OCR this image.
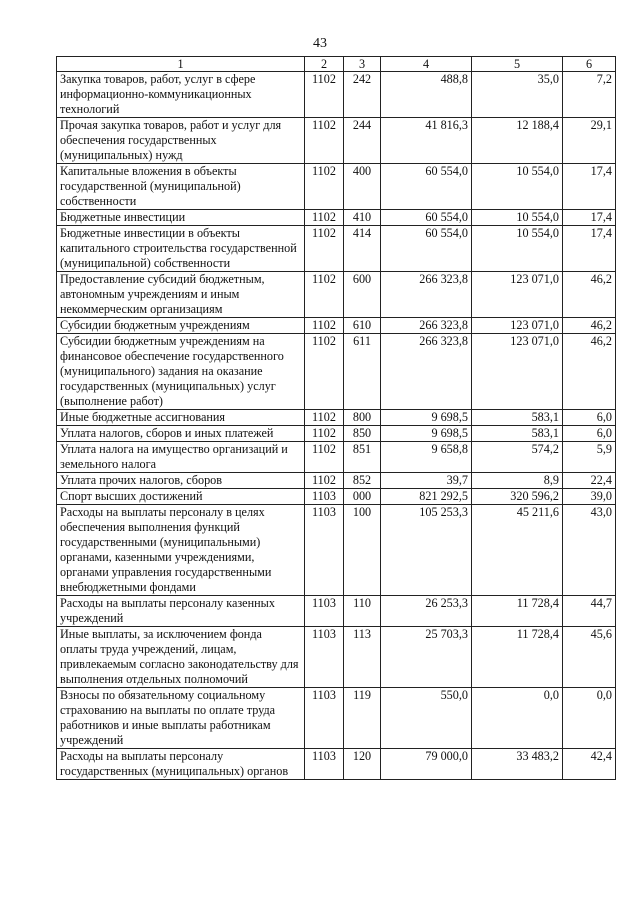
43
1	2	3	4	5	6
Закупка товаров, работ, услуг в сфере информационно-коммуникационных технологий	1102	242	488,8	35,0	7,2
Прочая закупка товаров, работ и услуг для обеспечения государственных (муниципальных) нужд	1102	244	41 816,3	12 188,4	29,1
Капитальные вложения в объекты государственной (муниципальной) собственности	1102	400	60 554,0	10 554,0	17,4
Бюджетные инвестиции	1102	410	60 554,0	10 554,0	17,4
Бюджетные инвестиции в объекты капитального строительства государственной (муниципальной) собственности	1102	414	60 554,0	10 554,0	17,4
Предоставление субсидий бюджетным, автономным учреждениям и иным некоммерческим организациям	1102	600	266 323,8	123 071,0	46,2
Субсидии бюджетным учреждениям	1102	610	266 323,8	123 071,0	46,2
Субсидии бюджетным учреждениям на финансовое обеспечение государственного (муниципального) задания на оказание государственных (муниципальных) услуг (выполнение работ)	1102	611	266 323,8	123 071,0	46,2
Иные бюджетные ассигнования	1102	800	9 698,5	583,1	6,0
Уплата налогов, сборов и иных платежей	1102	850	9 698,5	583,1	6,0
Уплата налога на имущество организаций и земельного налога	1102	851	9 658,8	574,2	5,9
Уплата прочих налогов, сборов	1102	852	39,7	8,9	22,4
Спорт высших достижений	1103	000	821 292,5	320 596,2	39,0
Расходы на выплаты персоналу в целях обеспечения выполнения функций государственными (муниципальными) органами, казенными учреждениями, органами управления государственными внебюджетными фондами	1103	100	105 253,3	45 211,6	43,0
Расходы на выплаты персоналу казенных учреждений	1103	110	26 253,3	11 728,4	44,7
Иные выплаты, за исключением фонда оплаты труда учреждений, лицам, привлекаемым согласно законодательству для выполнения отдельных полномочий	1103	113	25 703,3	11 728,4	45,6
Взносы по обязательному социальному страхованию на выплаты по оплате труда работников и иные выплаты работникам учреждений	1103	119	550,0	0,0	0,0
Расходы на выплаты персоналу государственных (муниципальных) органов	1103	120	79 000,0	33 483,2	42,4
